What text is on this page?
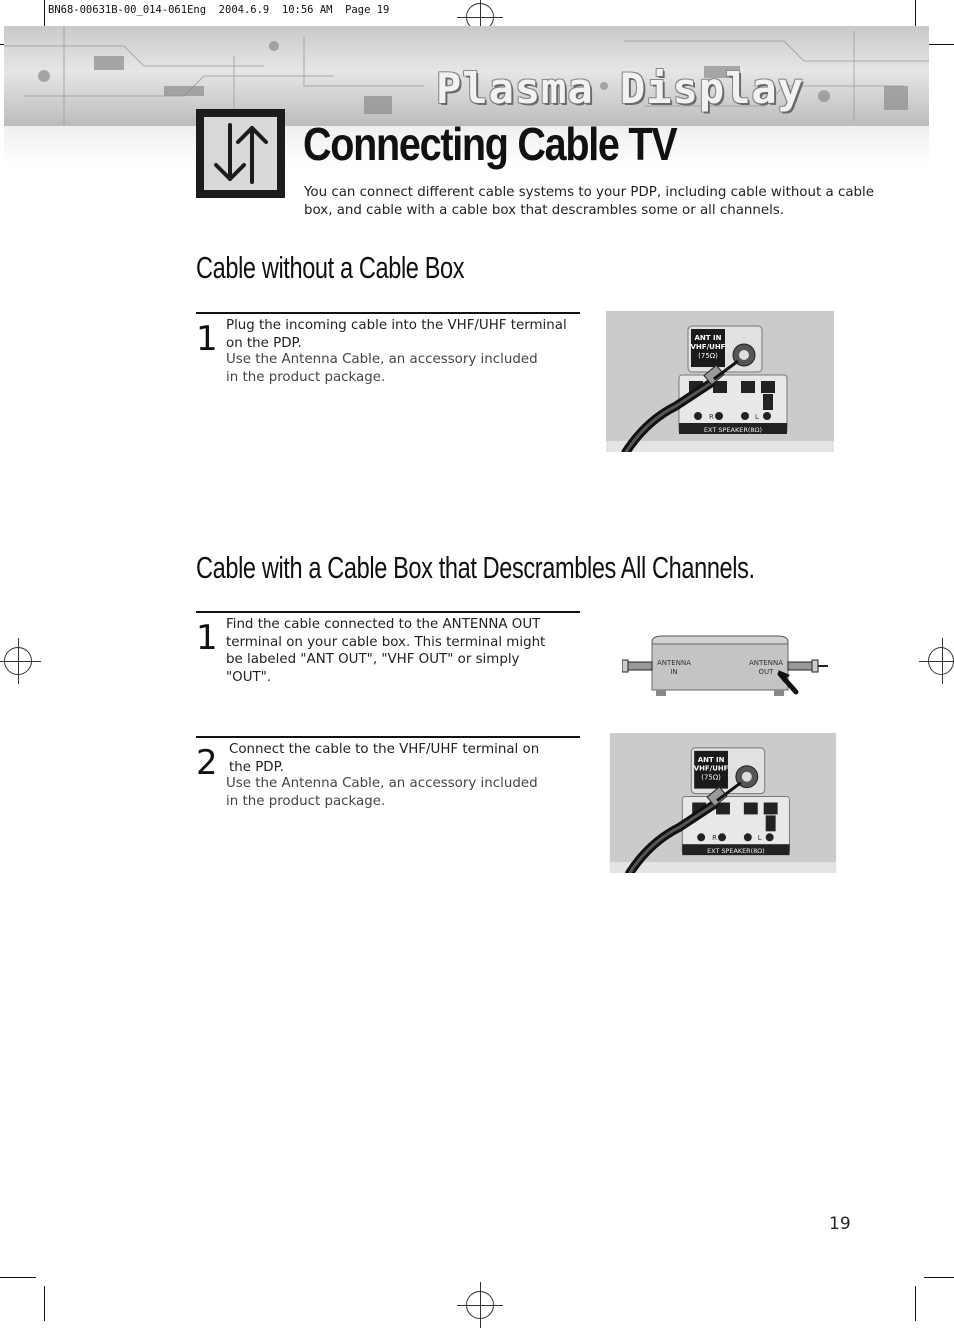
BN68-00631B-00_014-061Eng  2004.6.9  10:56 AM  Page 19
Plasma Display
Connecting Cable TV
You can connect different cable systems to your PDP, including cable without a cable box, and cable with a cable box that descrambles some or all channels.
Cable without a Cable Box
1 Plug the incoming cable into the VHF/UHF terminal on the PDP.
Use the Antenna Cable, an accessory included
in the product package.
ANT IN
VHF/UHF
(75Ω)
R	L
EXT SPEAKER(8Ω)
Cable with a Cable Box that Descrambles All Channels.
1 Find the cable connected to the ANTENNA OUT terminal on your cable box. This terminal might be labeled "ANT OUT", "VHF OUT" or simply "OUT".
ANTENNA
IN
ANTENNA
OUT
2 Connect the cable to the VHF/UHF terminal on the PDP.
Use the Antenna Cable, an accessory included
in the product package.
ANT IN
VHF/UHF
(75Ω)
R	L
EXT SPEAKER(8Ω)
19
